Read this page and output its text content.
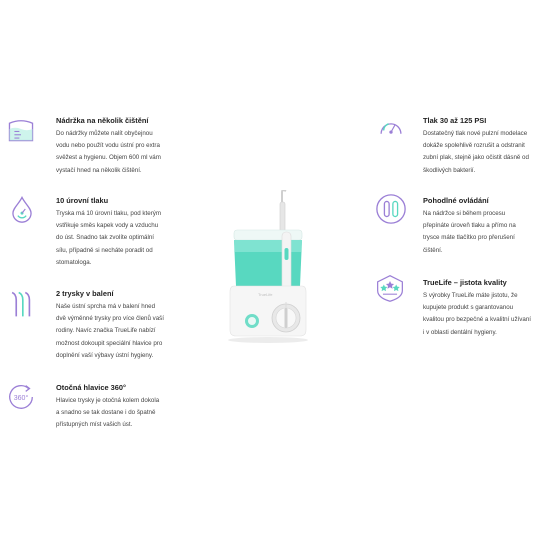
Nádržka na několik čištění
Do nádržky můžete nalít obyčejnou
vodu nebo použít vodu ústní pro extra
svěžest a hygienu. Objem 600 ml vám
vystačí hned na několik čištění.
10 úrovní tlaku
Tryska má 10 úrovní tlaku, pod kterým
vstřikuje směs kapek vody a vzduchu
do úst. Snadno tak zvolíte optimální
sílu, případně si necháte poradit od
stomatologa.
2 trysky v balení
Naše ústní sprcha má v balení hned
dvě výměnné trysky pro více členů vaší
rodiny. Navíc značka TrueLife nabízí
možnost dokoupit speciální hlavice pro
doplnění vaší výbavy ústní hygieny.
360°
Otočná hlavice 360°
Hlavice trysky je otočná kolem dokola
a snadno se tak dostane i do špatně
přístupných míst vašich úst.
TrueLife
Tlak 30 až 125 PSI
Dostatečný tlak nové pulzní modelace
dokáže spolehlivě rozrušit a odstranit
zubní plak, stejně jako očistit dásně od
škodlivých bakterií.
Pohodlné ovládání
Na nádržce si během procesu
přepínáte úroveň tlaku a přímo na
trysce máte tlačítko pro přerušení
čištění.
TrueLife – jistota kvality
S výrobky TrueLife máte jistotu, že
kupujete produkt s garantovanou
kvalitou pro bezpečné a kvalitní užívaní
i v oblasti dentální hygieny.
